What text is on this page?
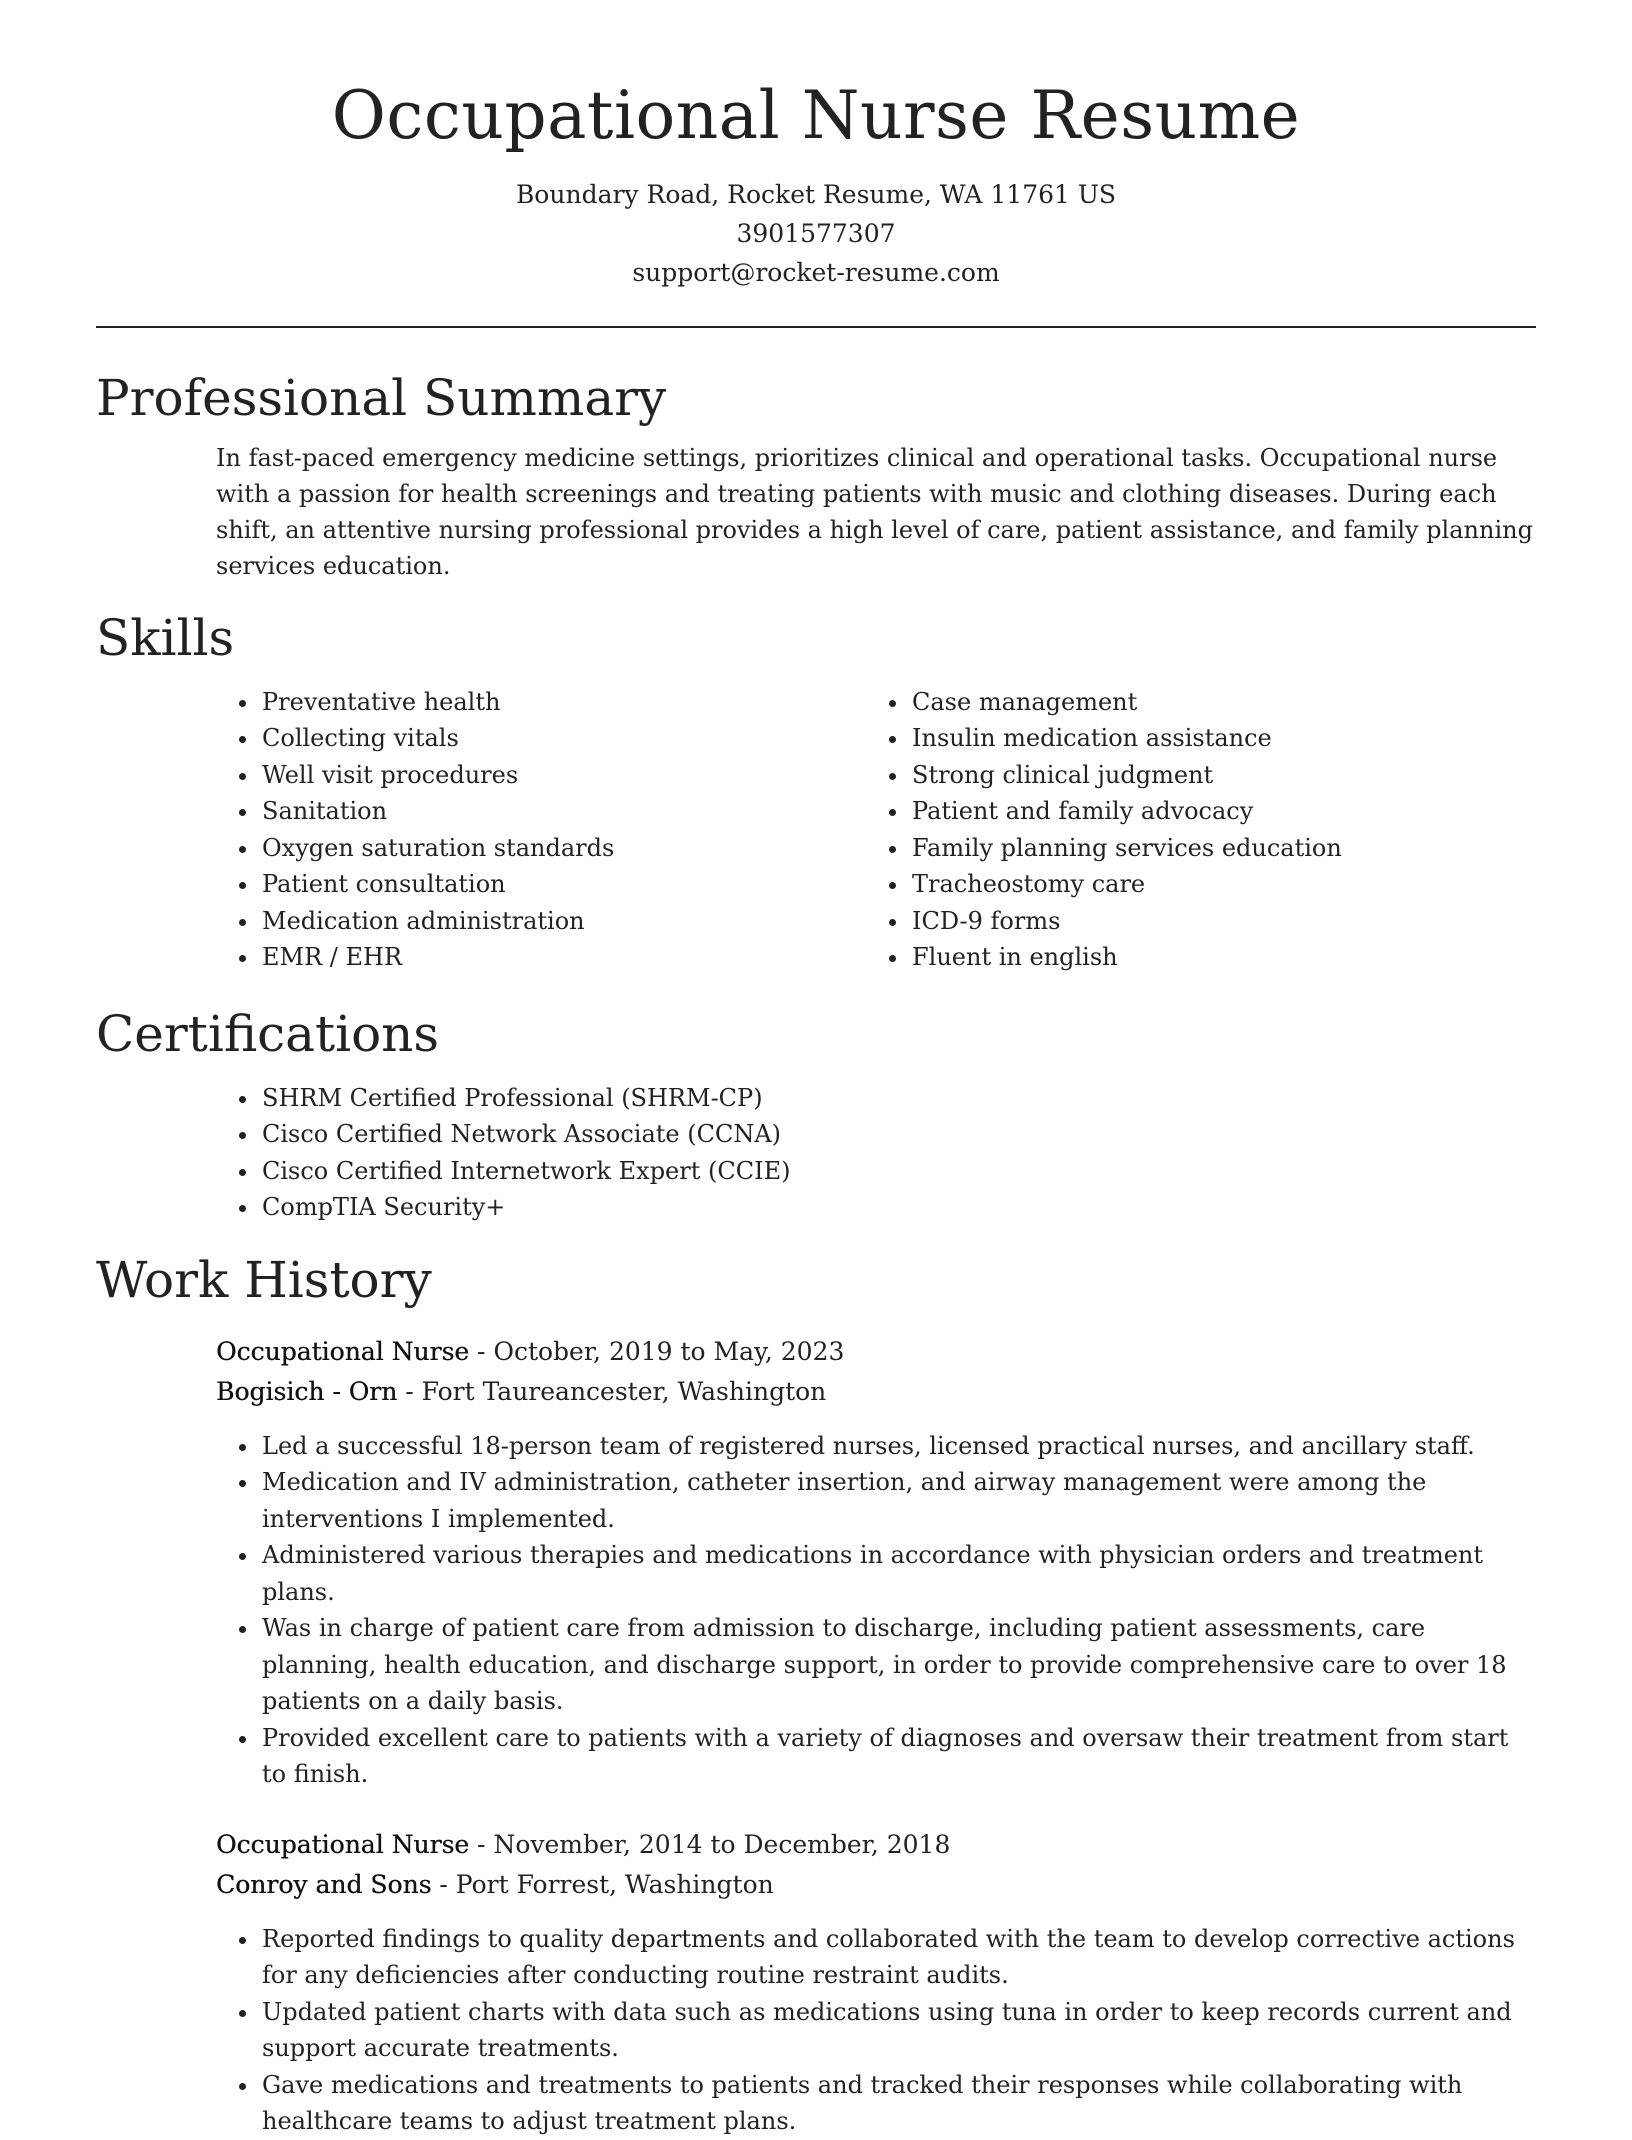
Occupational Nurse Resume

Boundary Road, Rocket Resume, WA 11761 US

3901577307

support@rocket-resume.com

Professional Summary

In fast-paced emergency medicine settings, prioritizes clinical and operational tasks. Occupational nurse with a passion for health screenings and treating patients with music and clothing diseases. During each shift, an attentive nursing professional provides a high level of care, patient assistance, and family planning services education.

Skills
• Preventative health
• Collecting vitals
• Well visit procedures
• Sanitation
• Oxygen saturation standards
• Patient consultation
• Medication administration
• EMR / EHR
• Case management
• Insulin medication assistance
• Strong clinical judgment
• Patient and family advocacy
• Family planning services education
• Tracheostomy care
• ICD-9 forms
• Fluent in english
Certifications
• SHRM Certified Professional (SHRM-CP)
• Cisco Certified Network Associate (CCNA)
• Cisco Certified Internetwork Expert (CCIE)
• CompTIA Security+
Work History

Occupational Nurse - October, 2019 to May, 2023

Bogisich - Orn - Fort Taureancester, Washington

• Led a successful 18-person team of registered nurses, licensed practical nurses, and ancillary staff.
• Medication and IV administration, catheter insertion, and airway management were among the interventions I implemented.
• Administered various therapies and medications in accordance with physician orders and treatment plans.
• Was in charge of patient care from admission to discharge, including patient assessments, care planning, health education, and discharge support, in order to provide comprehensive care to over 18 patients on a daily basis.
• Provided excellent care to patients with a variety of diagnoses and oversaw their treatment from start to finish.

Occupational Nurse - November, 2014 to December, 2018

Conroy and Sons - Port Forrest, Washington

• Reported findings to quality departments and collaborated with the team to develop corrective actions for any deficiencies after conducting routine restraint audits.
• Updated patient charts with data such as medications using tuna in order to keep records current and support accurate treatments.
• Gave medications and treatments to patients and tracked their responses while collaborating with healthcare teams to adjust treatment plans.
